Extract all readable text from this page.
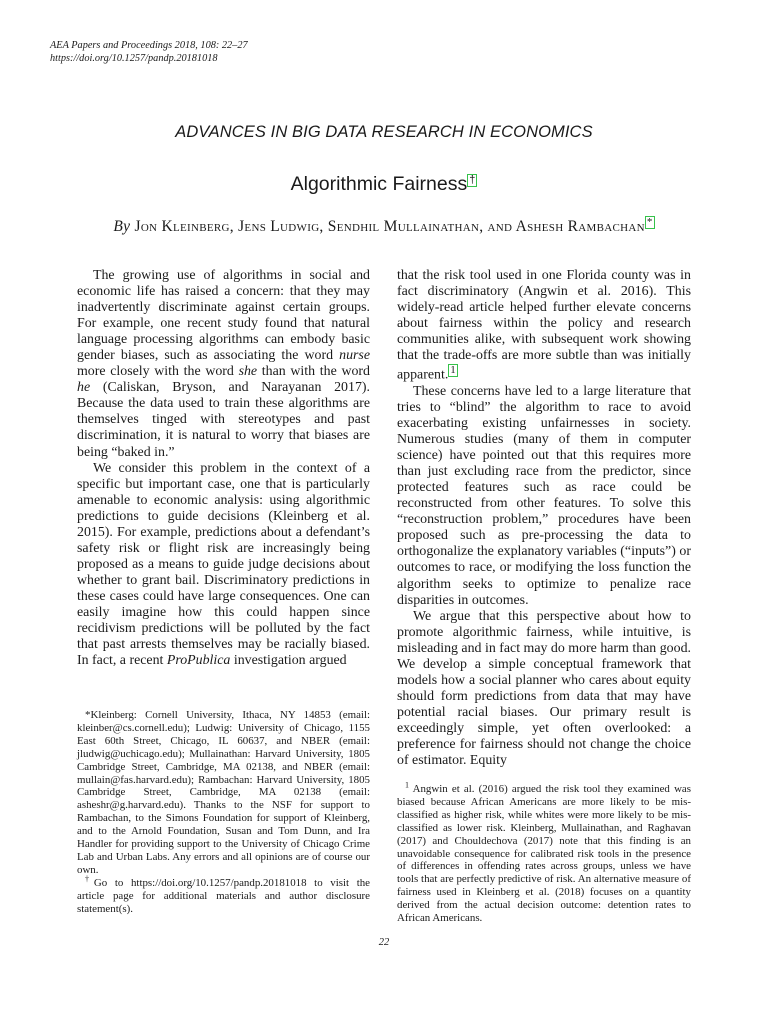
AEA Papers and Proceedings 2018, 108: 22–27
https://doi.org/10.1257/pandp.20181018
ADVANCES IN BIG DATA RESEARCH IN ECONOMICS
Algorithmic Fairness †
By Jon Kleinberg, Jens Ludwig, Sendhil Mullainathan, and Ashesh Rambachan *

The growing use of algorithms in social and economic life has raised a concern: that they may inadvertently discriminate against certain groups. For example, one recent study found that natural language processing algorithms can embody basic gender biases, such as associating the word nurse more closely with the word she than with the word he (Caliskan, Bryson, and Narayanan 2017). Because the data used to train these algorithms are themselves tinged with stereotypes and past discrimination, it is natural to worry that biases are being “baked in.”

We consider this problem in the context of a specific but important case, one that is particularly amenable to economic analysis: using algorithmic predictions to guide decisions (Kleinberg et al. 2015). For example, predictions about a defendant’s safety risk or flight risk are increasingly being proposed as a means to guide judge decisions about whether to grant bail. Discriminatory predictions in these cases could have large consequences. One can easily imagine how this could happen since recidivism predictions will be polluted by the fact that past arrests themselves may be racially biased. In fact, a recent ProPublica investigation argued

that the risk tool used in one Florida county was in fact discriminatory (Angwin et al. 2016). This widely-read article helped further elevate concerns about fairness within the policy and research communities alike, with subsequent work showing that the trade-offs are more subtle than was initially apparent. 1

These concerns have led to a large literature that tries to “blind” the algorithm to race to avoid exacerbating existing unfairnesses in society. Numerous studies (many of them in computer science) have pointed out that this requires more than just excluding race from the predictor, since protected features such as race could be reconstructed from other features. To solve this “reconstruction problem,” procedures have been proposed such as pre-processing the data to orthogonalize the explanatory variables (“inputs”) or outcomes to race, or modifying the loss function the algorithm seeks to optimize to penalize race disparities in outcomes.

We argue that this perspective about how to promote algorithmic fairness, while intuitive, is misleading and in fact may do more harm than good. We develop a simple conceptual framework that models how a social planner who cares about equity should form predictions from data that may have potential racial biases. Our primary result is exceedingly simple, yet often overlooked: a preference for fairness should not change the choice of estimator. Equity

*Kleinberg: Cornell University, Ithaca, NY 14853 (email: kleinber@cs.cornell.edu); Ludwig: University of Chicago, 1155 East 60th Street, Chicago, IL 60637, and NBER (email: jludwig@uchicago.edu); Mullainathan: Harvard University, 1805 Cambridge Street, Cambridge, MA 02138, and NBER (email: mullain@fas.harvard.edu); Rambachan: Harvard University, 1805 Cambridge Street, Cambridge, MA 02138 (email: asheshr@g.harvard.edu). Thanks to the NSF for support to Rambachan, to the Simons Foundation for support of Kleinberg, and to the Arnold Foundation, Susan and Tom Dunn, and Ira Handler for providing support to the University of Chicago Crime Lab and Urban Labs. Any errors and all opinions are of course our own.

†Go to https://doi.org/10.1257/pandp.20181018 to visit the article page for additional materials and author disclosure statement(s).

$^1$ Angwin et al. (2016) argued the risk tool they examined was biased because African Americans are more likely to be mis-classified as higher risk, while whites were more likely to be mis-classified as lower risk. Kleinberg, Mullainathan, and Raghavan (2017) and Chouldechova (2017) note that this finding is an unavoidable consequence for calibrated risk tools in the presence of differences in offending rates across groups, unless we have tools that are perfectly predictive of risk. An alternative measure of fairness used in Kleinberg et al. (2018) focuses on a quantity derived from the actual decision outcome: detention rates to African Americans.

22
